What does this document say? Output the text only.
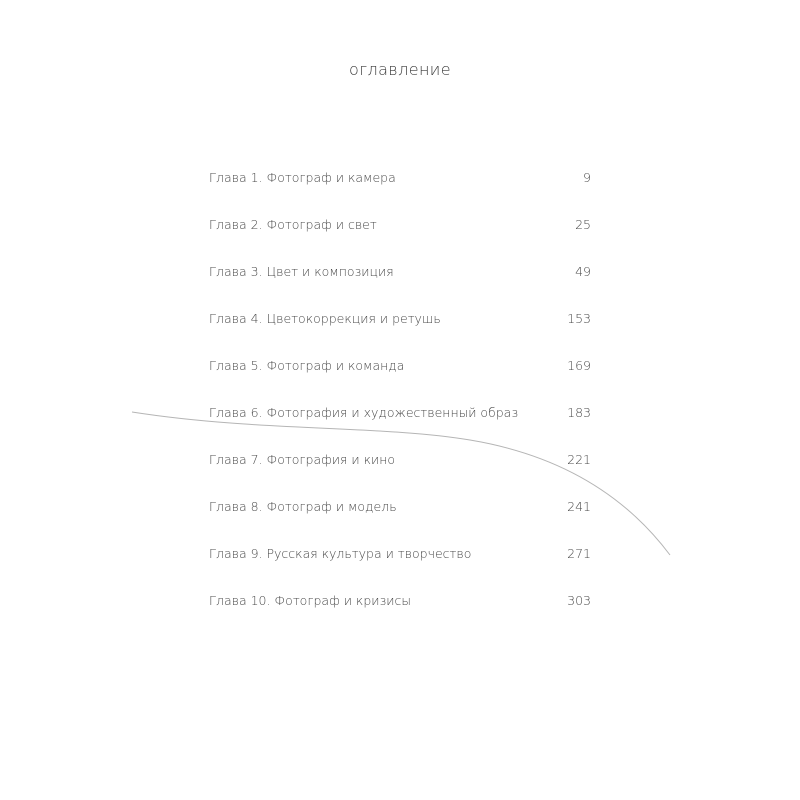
оглавление
Глава 1. Фотограф и камера	9
Глава 2. Фотограф и свет	25
Глава 3. Цвет и композиция	49
Глава 4. Цветокоррекция и ретушь	153
Глава 5. Фотограф и команда	169
Глава 6. Фотография и художественный образ	183
Глава 7. Фотография и кино	221
Глава 8. Фотограф и модель	241
Глава 9. Русская культура и творчество	271
Глава 10. Фотограф и кризисы	303
